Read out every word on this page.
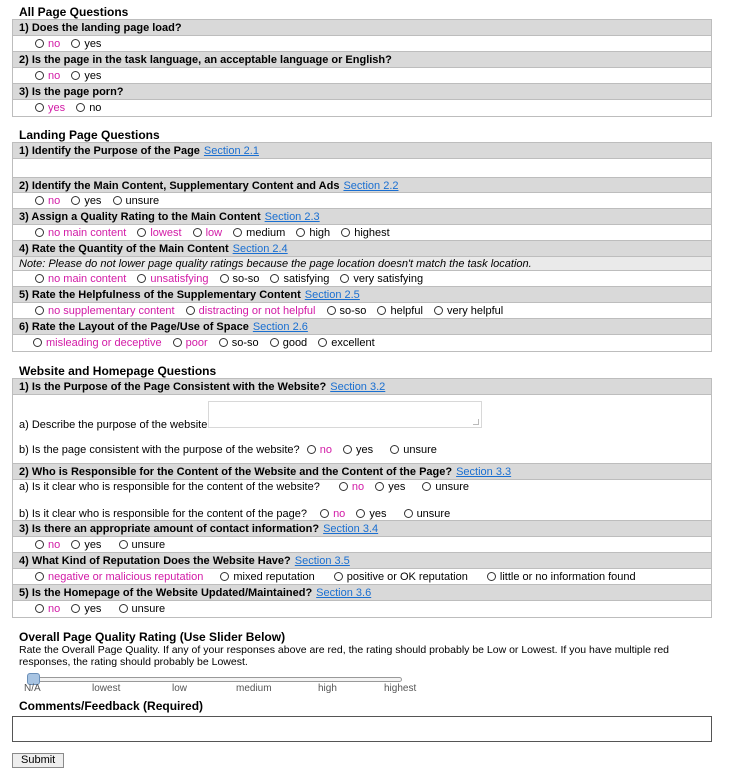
All Page Questions
1) Does the landing page load?
no yes
2) Is the page in the task language, an acceptable language or English?
no yes
3) Is the page porn?
yes no
Landing Page Questions
1) Identify the Purpose of the Page Section 2.1
2) Identify the Main Content, Supplementary Content and Ads Section 2.2
no yes unsure
3) Assign a Quality Rating to the Main Content Section 2.3
no main content lowest low medium high highest
4) Rate the Quantity of the Main Content Section 2.4
Note: Please do not lower page quality ratings because the page location doesn't match the task location.
no main content unsatisfying so-so satisfying very satisfying
5) Rate the Helpfulness of the Supplementary Content Section 2.5
no supplementary content distracting or not helpful so-so helpful very helpful
6) Rate the Layout of the Page/Use of Space Section 2.6
misleading or deceptive poor so-so good excellent
Website and Homepage Questions
1) Is the Purpose of the Page Consistent with the Website? Section 3.2
a) Describe the purpose of the website
b) Is the page consistent with the purpose of the website? no yes	unsure
2) Who is Responsible for the Content of the Website and the Content of the Page? Section 3.3
a) Is it clear who is responsible for the content of the website?	no yes	unsure
b) Is it clear who is responsible for the content of the page? no yes	unsure
3) Is there an appropriate amount of contact information? Section 3.4
no yes	unsure
4) What Kind of Reputation Does the Website Have? Section 3.5
negative or malicious reputation	mixed reputation	positive or OK reputation	little or no information found
5) Is the Homepage of the Website Updated/Maintained? Section 3.6
no yes	unsure
Overall Page Quality Rating (Use Slider Below)
Rate the Overall Page Quality. If any of your responses above are red, the rating should probably be Low or Lowest. If you have multiple red responses, the rating should probably be Lowest.
N/A	lowest	low	medium	high	highest
Comments/Feedback (Required)
Submit
